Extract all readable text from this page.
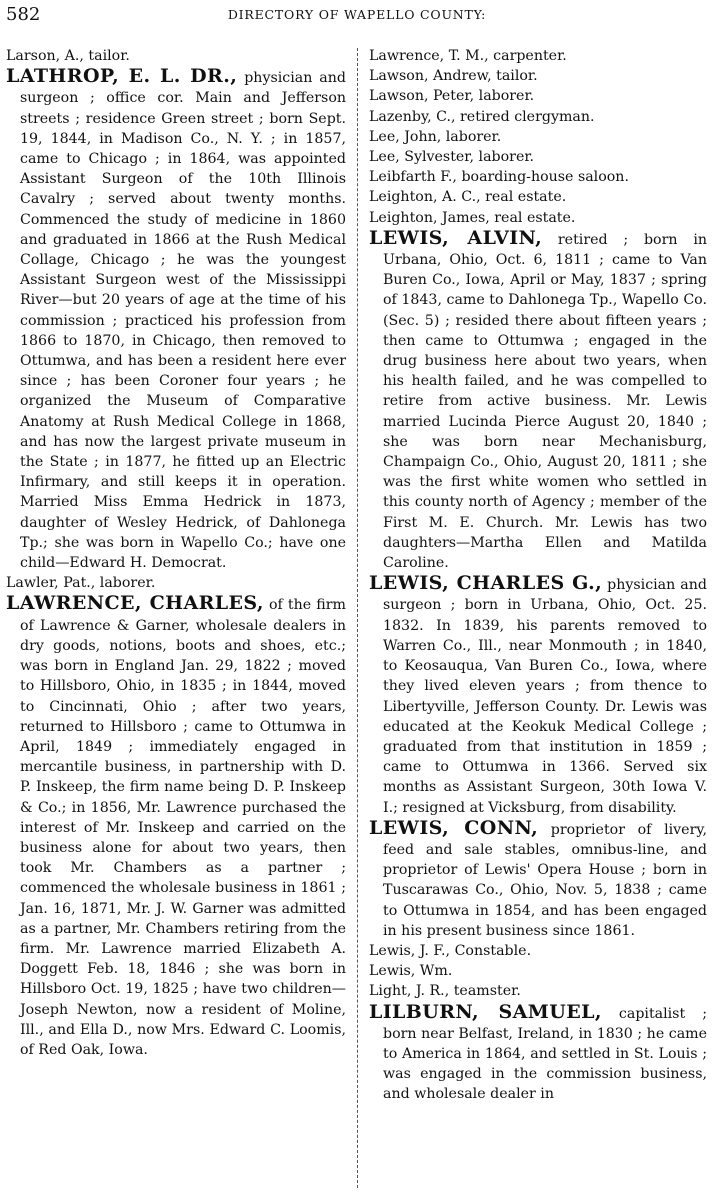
582	DIRECTORY OF WAPELLO COUNTY:

Larson, A., tailor.

LATHROP, E. L. DR., physician and surgeon ; office cor. Main and Jefferson streets ; residence Green street ; born Sept. 19, 1844, in Madison Co., N. Y. ; in 1857, came to Chicago ; in 1864, was appointed Assistant Surgeon of the 10th Illinois Cavalry ; served about twenty months. Commenced the study of medicine in 1860 and graduated in 1866 at the Rush Medical Collage, Chicago ; he was the youngest Assistant Surgeon west of the Mississippi River—but 20 years of age at the time of his commission ; practiced his profession from 1866 to 1870, in Chicago, then removed to Ottumwa, and has been a resident here ever since ; has been Coroner four years ; he organized the Museum of Comparative Anatomy at Rush Medical College in 1868, and has now the largest private museum in the State ; in 1877, he fitted up an Electric Infirmary, and still keeps it in operation. Married Miss Emma Hedrick in 1873, daughter of Wesley Hedrick, of Dahlonega Tp.; she was born in Wapello Co.; have one child—Edward H. Democrat.

Lawler, Pat., laborer.

LAWRENCE, CHARLES, of the firm of Lawrence & Garner, wholesale dealers in dry goods, notions, boots and shoes, etc.; was born in England Jan. 29, 1822 ; moved to Hillsboro, Ohio, in 1835 ; in 1844, moved to Cincinnati, Ohio ; after two years, returned to Hillsboro ; came to Ottumwa in April, 1849 ; immediately engaged in mercantile business, in partnership with D. P. Inskeep, the firm name being D. P. Inskeep & Co.; in 1856, Mr. Lawrence purchased the interest of Mr. Inskeep and carried on the business alone for about two years, then took Mr. Chambers as a partner ; commenced the wholesale business in 1861 ; Jan. 16, 1871, Mr. J. W. Garner was admitted as a partner, Mr. Chambers retiring from the firm. Mr. Lawrence married Elizabeth A. Doggett Feb. 18, 1846 ; she was born in Hillsboro Oct. 19, 1825 ; have two children—Joseph Newton, now a resident of Moline, Ill., and Ella D., now Mrs. Edward C. Loomis, of Red Oak, Iowa.

Lawrence, T. M., carpenter.

Lawson, Andrew, tailor.

Lawson, Peter, laborer.

Lazenby, C., retired clergyman.

Lee, John, laborer.

Lee, Sylvester, laborer.

Leibfarth F., boarding-house saloon.

Leighton, A. C., real estate.

Leighton, James, real estate.

LEWIS, ALVIN, retired ; born in Urbana, Ohio, Oct. 6, 1811 ; came to Van Buren Co., Iowa, April or May, 1837 ; spring of 1843, came to Dahlonega Tp., Wapello Co. (Sec. 5) ; resided there about fifteen years ; then came to Ottumwa ; engaged in the drug business here about two years, when his health failed, and he was compelled to retire from active business. Mr. Lewis married Lucinda Pierce August 20, 1840 ; she was born near Mechanisburg, Champaign Co., Ohio, August 20, 1811 ; she was the first white women who settled in this county north of Agency ; member of the First M. E. Church. Mr. Lewis has two daughters—Martha Ellen and Matilda Caroline.

LEWIS, CHARLES G., physician and surgeon ; born in Urbana, Ohio, Oct. 25. 1832. In 1839, his parents removed to Warren Co., Ill., near Monmouth ; in 1840, to Keosauqua, Van Buren Co., Iowa, where they lived eleven years ; from thence to Libertyville, Jefferson County. Dr. Lewis was educated at the Keokuk Medical College ; graduated from that institution in 1859 ; came to Ottumwa in 1366. Served six months as Assistant Surgeon, 30th Iowa V. I.; resigned at Vicksburg, from disability.

LEWIS, CONN, proprietor of livery, feed and sale stables, omnibus-line, and proprietor of Lewis' Opera House ; born in Tuscarawas Co., Ohio, Nov. 5, 1838 ; came to Ottumwa in 1854, and has been engaged in his present business since 1861.

Lewis, J. F., Constable.

Lewis, Wm.

Light, J. R., teamster.

LILBURN, SAMUEL, capitalist ; born near Belfast, Ireland, in 1830 ; he came to America in 1864, and settled in St. Louis ; was engaged in the commission business, and wholesale dealer in
